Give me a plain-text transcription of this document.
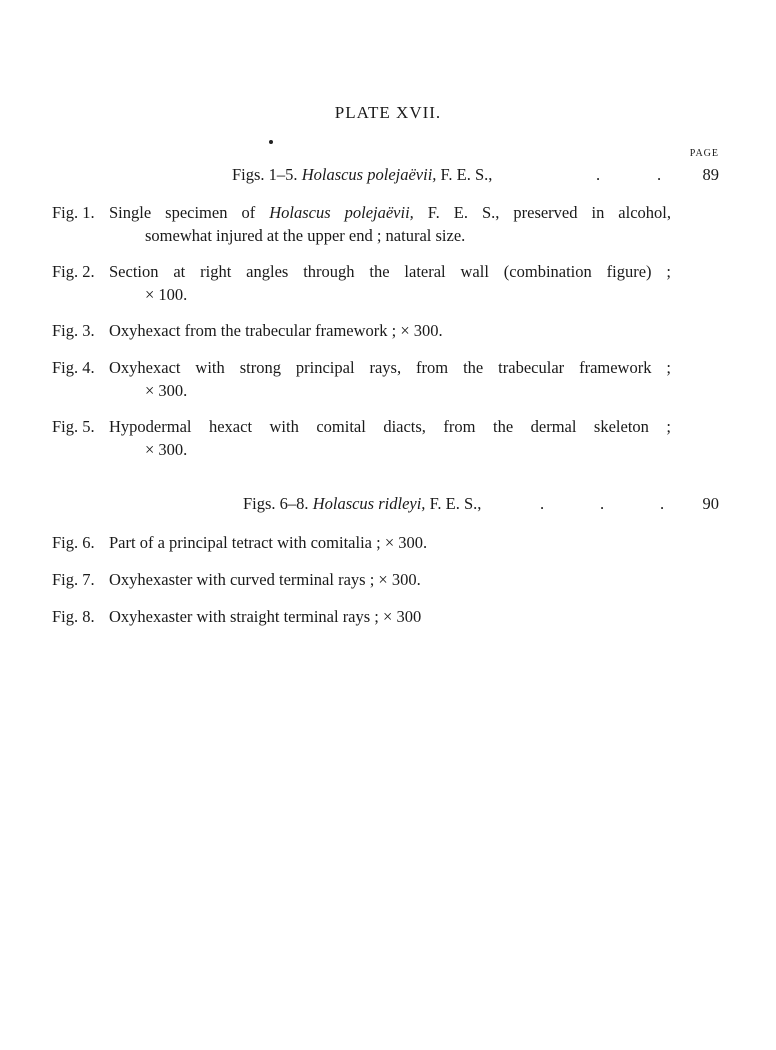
PLATE XVII.
PAGE
Figs. 1–5. Holascus polejaëvii, F. E. S.,	.	.	89
Fig. 1. Single specimen of Holascus polejaëvii, F. E. S., preserved in alcohol,
somewhat injured at the upper end ; natural size.
Fig. 2. Section at right angles through the lateral wall (combination figure) ;
× 100.
Fig. 3. Oxyhexact from the trabecular framework ; × 300.
Fig. 4. Oxyhexact with strong principal rays, from the trabecular framework ;
× 300.
Fig. 5. Hypodermal hexact with comital diacts, from the dermal skeleton ;
× 300.
Figs. 6–8. Holascus ridleyi, F. E. S.,	.	.	. 90
Fig. 6. Part of a principal tetract with comitalia ; × 300.
Fig. 7. Oxyhexaster with curved terminal rays ; × 300.
Fig. 8. Oxyhexaster with straight terminal rays ; × 300
